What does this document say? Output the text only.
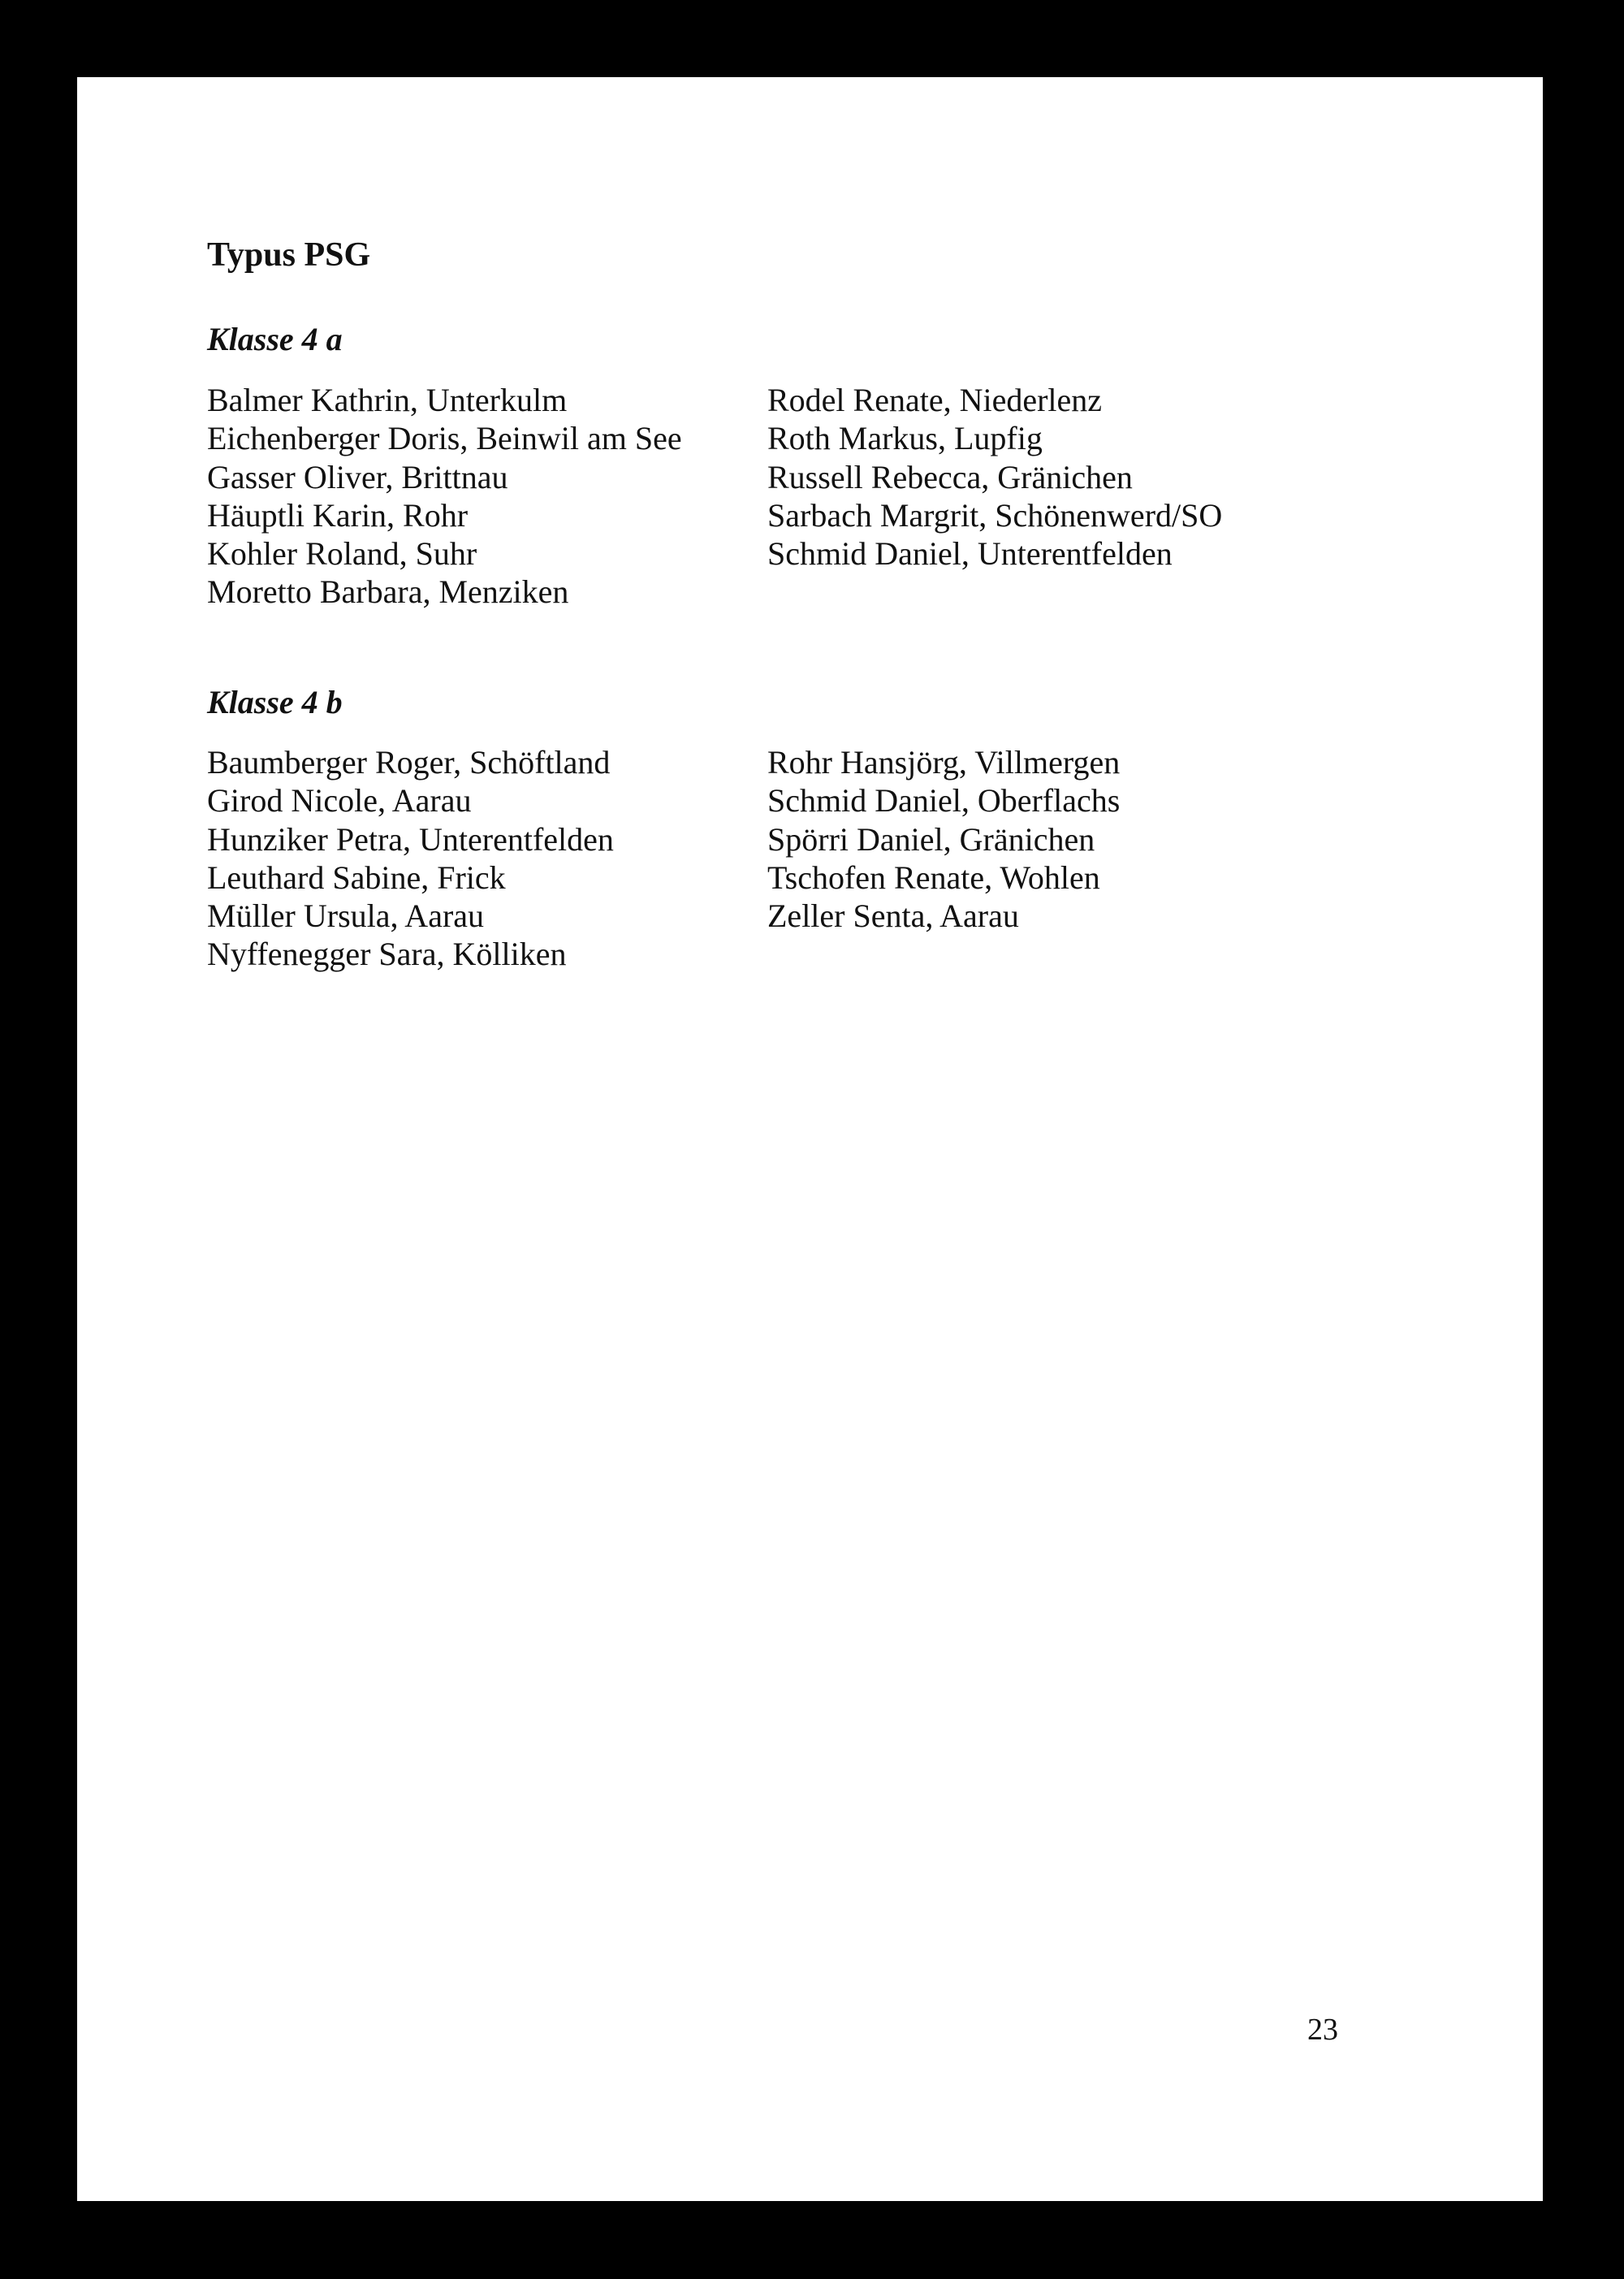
Typus PSG
Klasse 4 a
Balmer Kathrin, Unterkulm
Eichenberger Doris, Beinwil am See
Gasser Oliver, Brittnau
Häuptli Karin, Rohr
Kohler Roland, Suhr
Moretto Barbara, Menziken
Rodel Renate, Niederlenz
Roth Markus, Lupfig
Russell Rebecca, Gränichen
Sarbach Margrit, Schönenwerd/SO
Schmid Daniel, Unterentfelden
Klasse 4 b
Baumberger Roger, Schöftland
Girod Nicole, Aarau
Hunziker Petra, Unterentfelden
Leuthard Sabine, Frick
Müller Ursula, Aarau
Nyffenegger Sara, Kölliken
Rohr Hansjörg, Villmergen
Schmid Daniel, Oberflachs
Spörri Daniel, Gränichen
Tschofen Renate, Wohlen
Zeller Senta, Aarau
23
